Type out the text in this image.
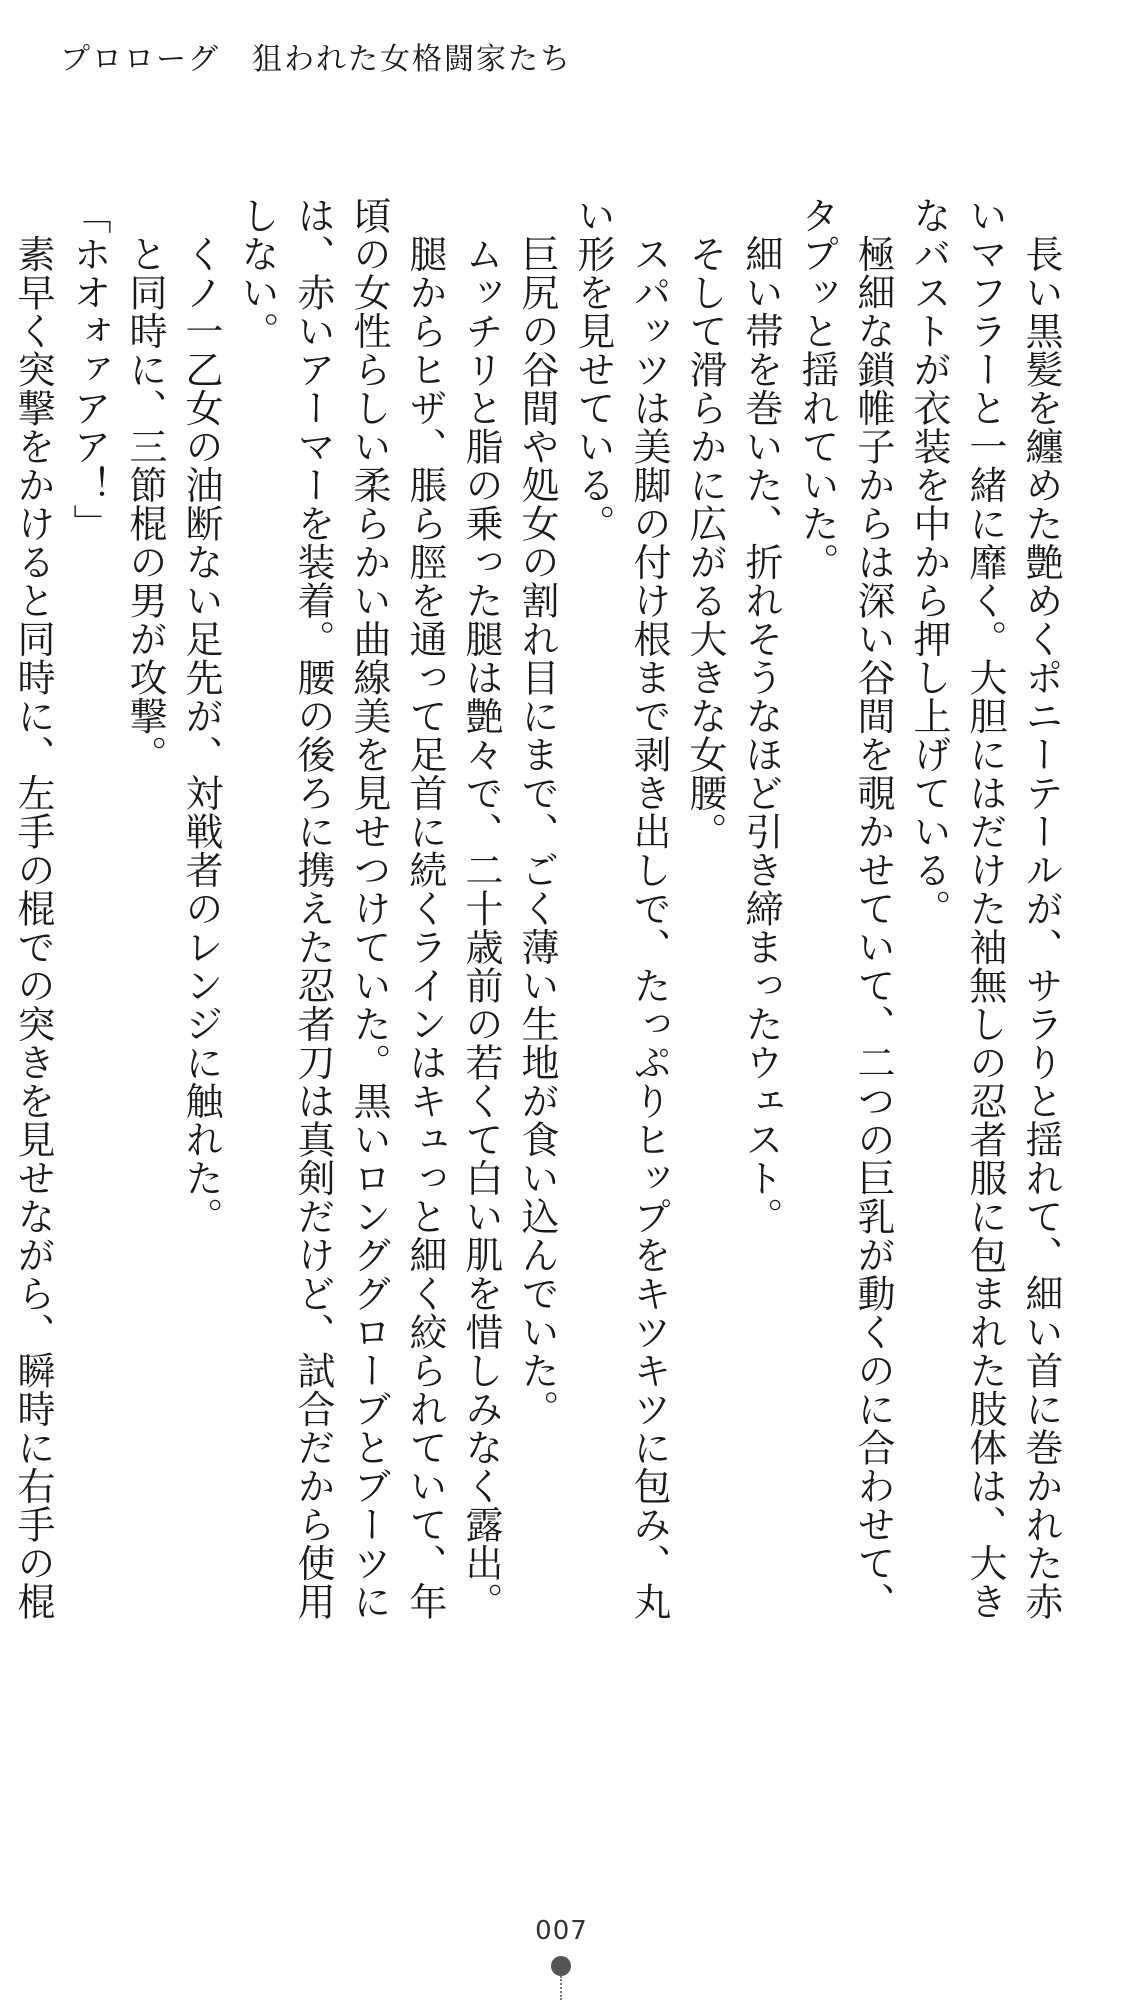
プロローグ　狙われた女格闘家たち

　長い黒髪を纏めた艶めくポニーテールが、サラりと揺れて、細い首に巻かれた赤いマフラーと一緒に靡く。大胆にはだけた袖無しの忍者服に包まれた肢体は、大きなバストが衣装を中から押し上げている。

　極細な鎖帷子からは深い谷間を覗かせていて、二つの巨乳が動くのに合わせて、タプッと揺れていた。

　細い帯を巻いた、折れそうなほど引き締まったウェスト。

　そして滑らかに広がる大きな女腰。

　スパッツは美脚の付け根まで剥き出しで、たっぷりヒップをキツキツに包み、丸い形を見せている。

　巨尻の谷間や処女の割れ目にまで、ごく薄い生地が食い込んでいた。

　ムッチリと脂の乗った腿は艶々で、二十歳前の若くて白い肌を惜しみなく露出。

　腿からヒザ、脹ら脛を通って足首に続くラインはキュっと細く絞られていて、年頃の女性らしい柔らかい曲線美を見せつけていた。黒いロンググローブとブーツには、赤いアーマーを装着。腰の後ろに携えた忍者刀は真剣だけど、試合だから使用しない。

　くノ一乙女の油断ない足先が、対戦者のレンジに触れた。

　と同時に、三節棍の男が攻撃。

「ホオォァアア！」

　素早く突撃をかけると同時に、左手の棍での突きを見せながら、瞬時に右手の棍

007
